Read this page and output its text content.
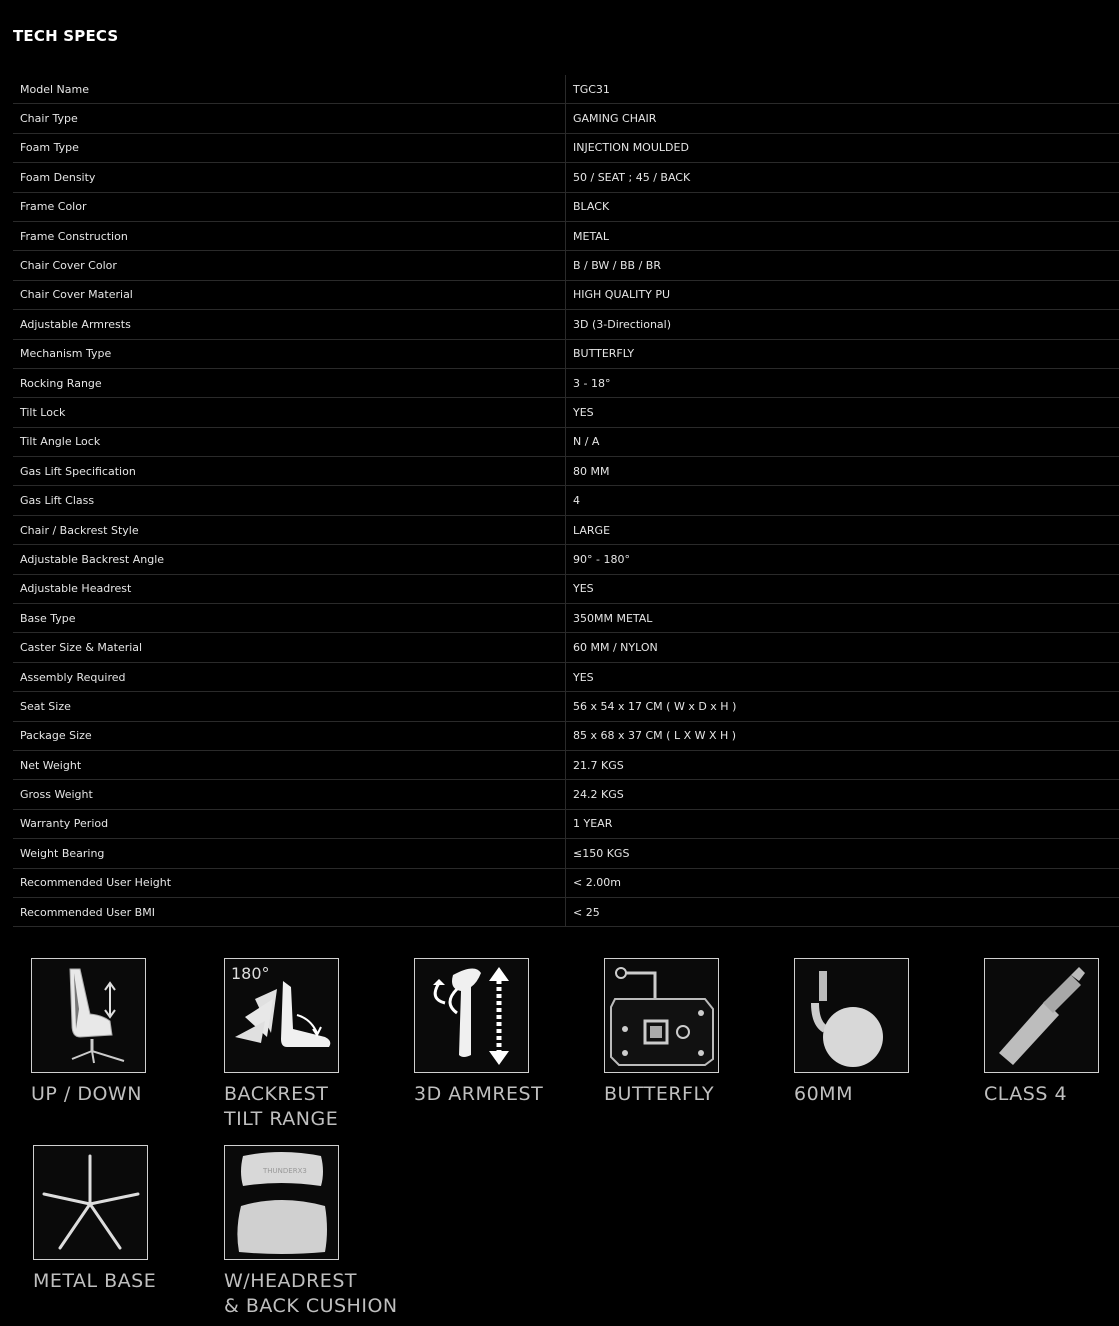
TECH SPECS
Model Name	TGC31
Chair Type	GAMING CHAIR
Foam Type	INJECTION MOULDED
Foam Density	50 / SEAT ; 45 / BACK
Frame Color	BLACK
Frame Construction	METAL
Chair Cover Color	B / BW / BB / BR
Chair Cover Material	HIGH QUALITY PU
Adjustable Armrests	3D (3-Directional)
Mechanism Type	BUTTERFLY
Rocking Range	3 - 18°
Tilt Lock	YES
Tilt Angle Lock	N / A
Gas Lift Specification	80 MM
Gas Lift Class	4
Chair / Backrest Style	LARGE
Adjustable Backrest Angle	90° - 180°
Adjustable Headrest	YES
Base Type	350MM METAL
Caster Size & Material	60 MM / NYLON
Assembly Required	YES
Seat Size	56 x 54 x 17 CM ( W x D x H )
Package Size	85 x 68 x 37 CM ( L X W X H )
Net Weight	21.7 KGS
Gross Weight	24.2 KGS
Warranty Period	1 YEAR
Weight Bearing	≤150 KGS
Recommended User Height	< 2.00m
Recommended User BMI	< 25
UP / DOWN
180°
BACKREST
TILT RANGE
3D ARMREST	BUTTERFLY	60MM	CLASS 4
METAL BASE
THUNDERX3
W/HEADREST
& BACK CUSHION
